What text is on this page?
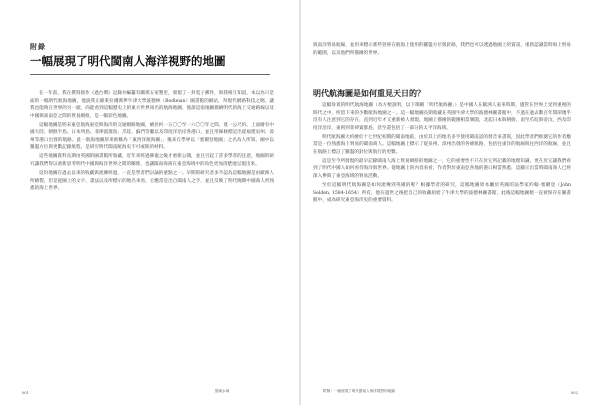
附錄
一幅展現了明代閩南人海洋視野的地圖

在一年前，我在撰寫拙作《過台灣》記錄并編纂有關那五家墾里，發現了一封電子郵件，與我相互知道，本以為只是面的一幅明代航海地圖，他說我正歐萊拉爾萬夢牛津大學波德林（Bodleian）圖書館的網站，拜現代網路科技之賜，讓我也能夠在世界的另一頭，尚能看到這幅歷史上的東方世界知名的航海地圖，他說這張地圖描繪明代的海上交通路線以及中國與東南亞之間的貿易網絡，是一幅彩色地圖。

這幅地圖是明末東亞航海東亞與海洋的交通網路地圖，繪於約一五〇〇至一六〇〇年之間，寬一公尺約。上面繪有中國大陸、朝鮮半島、日本列島、菲律賓群島、爪哇、蘇門答臘以及印度洋沿岸各港口，並且用線條標記出從福建泉州、漳州等港口出發的航路。此一航海地圖原來被稱為「東西洋航海圖」，後來在學界以「塞爾登地圖」之名為人所知。圖中以羅盤方位與更數記錄航程，是研究明代閩南航海史不可或缺的材料。

這些地圖資料長期由英國的圖書館所收藏，近年來經過修復之後才重新公開，並且引起了許多學者的注意，地圖的研究讓我們得以重新思考明代中國與海洋世界之間的關係，也讓閩南海商在東亞海域中的角色更加清楚地呈現出來。

這份地圖在過去以來的收藏與流傳經過，一直是學者們討論的重點之一。早期的研究者多半認為這幅地圖是由歐洲人所繪製，但是從圖上的文字、畫法以及所標示的地名來看，它應當是出自閩南人之手，並且反映了明代晚期中國商人所熟悉的海上世界。

001	閩南水域

與南洋貿易航線，並用來標示那些曾經在航海上使用的羅盤方位與針路，我們也可以透過地圖上的資訊，重新認識當時海上貿易的範圍，以及他們所描繪的世界。

明代航海圖是如何重見天日的？

這幅珍貴的明代航海地圖（為方便說明，以下簡稱「明代航海圖」）是中國人在歐洲人東來時期，儘管在世界上受到重視的時代之中，所留下來的少數航海地圖之一。這一幅地圖長期收藏在英國牛津大學的波德林圖書館中，不過在過去數百年間卻幾乎沒有人注意到它的存在，直到近年才又重新被人發現。地圖上描繪的範圍相當廣闊，北起日本與朝鮮，南至爪哇與帝汶，西及印度洋沿岸，東則到菲律賓群島，甚至還包括了一部分的太平洋海域。

明代航海圖大約繪於十七世紀初期的閩南地區，由於其上的地名多半使用閩南語的發音來書寫，因此學者們推測它的作者應當是一位熟悉海上貿易的閩南商人。這幅地圖上標示了從泉州、漳州出發的各條航路，包括往東洋的航線與往西洋的航線，並且在航路上標註了羅盤的針位與航行的更數。

這是至今所發現的最早記錄閩南人海上貿易網絡的地圖之一，它的重要性不只在於它所記載的地理知識，更在於它讓我們看到了明代中國人如何看待海洋與世界。從地圖上的內容來看，作者對於東南亞各地的港口相當熟悉，這顯示出當時閩南商人已經深入參與了東亞海域的貿易活動。

至於這幅明代航海圖是如何流傳到英國的呢？根據學者的研究，這幅地圖原本屬於英國的法學家約翰·塞爾登（John Selden, 1584-1654）所有，他在過世之後把自己的收藏捐給了牛津大學的波德林圖書館，此後這幅地圖便一直被保存在圖書館中，成為研究東亞海洋史的重要資料。

附錄｜一幅展現了明代閩南人海洋視野的地圖	002
